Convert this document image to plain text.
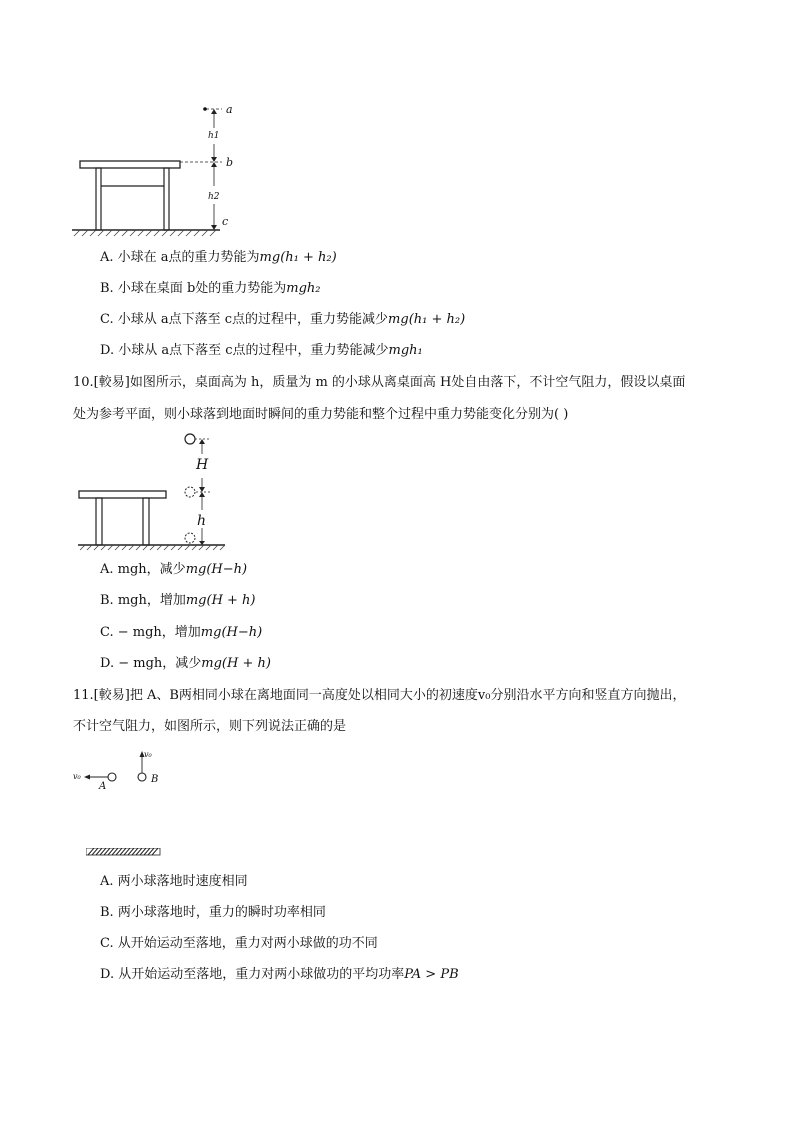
a
b
c
h1
h2
A. 小球在 a点的重力势能为mg(h₁ + h₂)
B. 小球在桌面 b处的重力势能为mgh₂
C. 小球从 a点下落至 c点的过程中，重力势能减少mg(h₁ + h₂)
D. 小球从 a点下落至 c点的过程中，重力势能减少mgh₁
10.[較易]如图所示，桌面高为 h，质量为 m 的小球从离桌面高 H处自由落下，不计空气阻力，假设以桌面
处为参考平面，则小球落到地面时瞬间的重力势能和整个过程中重力势能变化分别为( )
H
h
A. mgh，减少mg(H−h)
B. mgh，增加mg(H + h)
C. − mgh，增加mg(H−h)
D. − mgh，减少mg(H + h)
11.[較易]把 A、B两相同小球在离地面同一高度处以相同大小的初速度v₀分别沿水平方向和竖直方向抛出，
不计空气阻力，如图所示，则下列说法正确的是
v₀
v₀
A
B
A. 两小球落地时速度相同
B. 两小球落地时，重力的瞬时功率相同
C. 从开始运动至落地，重力对两小球做的功不同
D. 从开始运动至落地，重力对两小球做功的平均功率PA > PB
